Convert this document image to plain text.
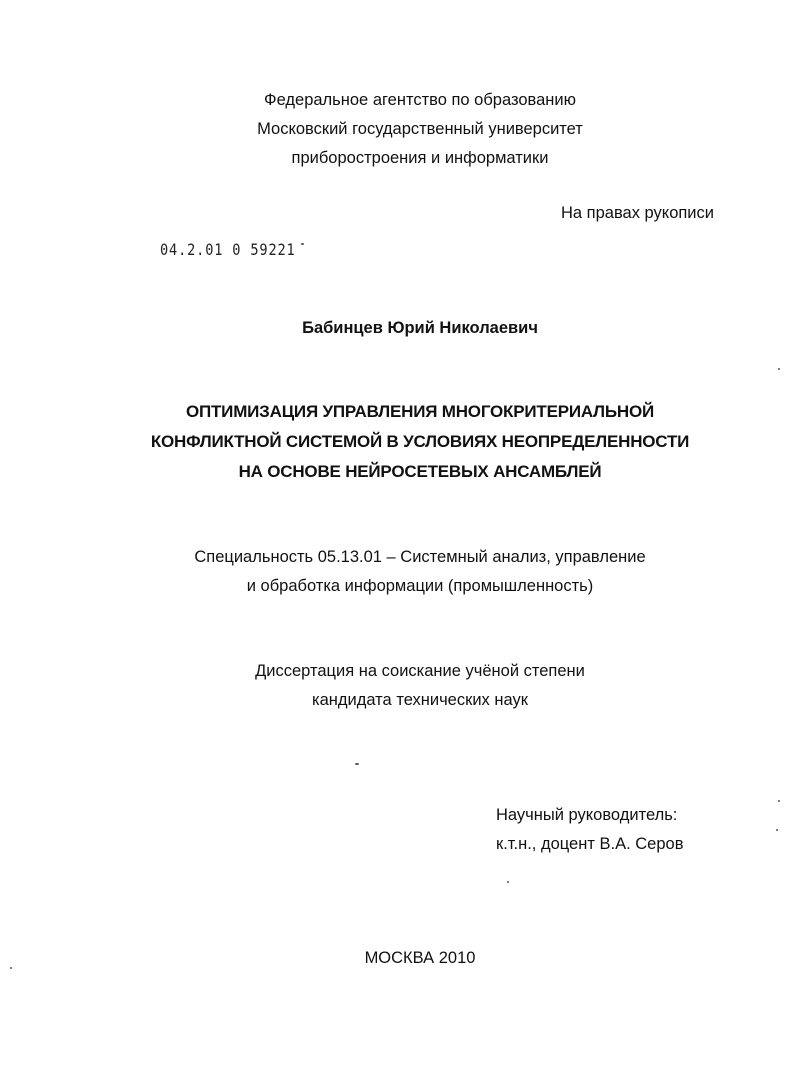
Федеральное агентство по образованию
Московский государственный университет
приборостроения и информатики
На правах рукописи
04.2.01 0 59221
Бабинцев Юрий Николаевич
ОПТИМИЗАЦИЯ УПРАВЛЕНИЯ МНОГОКРИТЕРИАЛЬНОЙ
КОНФЛИКТНОЙ СИСТЕМОЙ В УСЛОВИЯХ НЕОПРЕДЕЛЕННОСТИ
НА ОСНОВЕ НЕЙРОСЕТЕВЫХ АНСАМБЛЕЙ
Специальность 05.13.01 – Системный анализ, управление
и обработка информации (промышленность)
Диссертация на соискание учёной степени
кандидата технических наук
Научный руководитель:
к.т.н., доцент В.А. Серов
МОСКВА 2010
